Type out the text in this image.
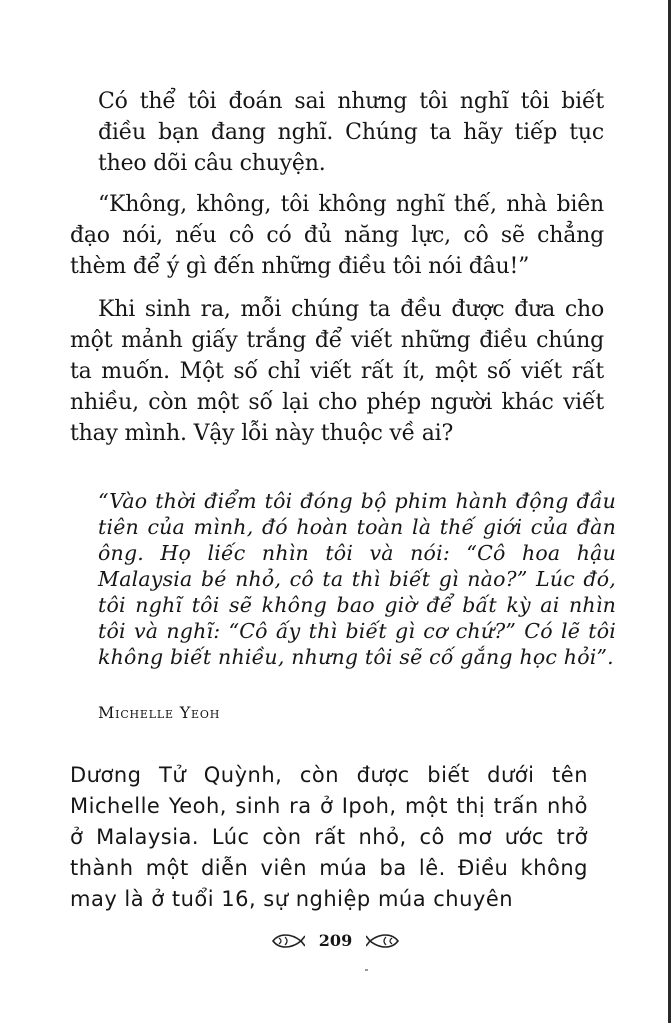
Có thể tôi đoán sai nhưng tôi nghĩ tôi biết điều bạn đang nghĩ. Chúng ta hãy tiếp tục theo dõi câu chuyện.

“Không, không, tôi không nghĩ thế, nhà biên đạo nói, nếu cô có đủ năng lực, cô sẽ chẳng thèm để ý gì đến những điều tôi nói đâu!”

Khi sinh ra, mỗi chúng ta đều được đưa cho một mảnh giấy trắng để viết những điều chúng ta muốn. Một số chỉ viết rất ít, một số viết rất nhiều, còn một số lại cho phép người khác viết thay mình. Vậy lỗi này thuộc về ai?

“Vào thời điểm tôi đóng bộ phim hành động đầu tiên của mình, đó hoàn toàn là thế giới của đàn ông. Họ liếc nhìn tôi và nói: “Cô hoa hậu Malaysia bé nhỏ, cô ta thì biết gì nào?” Lúc đó, tôi nghĩ tôi sẽ không bao giờ để bất kỳ ai nhìn tôi và nghĩ: “Cô ấy thì biết gì cơ chứ?” Có lẽ tôi không biết nhiều, nhưng tôi sẽ cố gắng học hỏi”.

Michelle Yeoh

Dương Tử Quỳnh, còn được biết dưới tên Michelle Yeoh, sinh ra ở Ipoh, một thị trấn nhỏ ở Malaysia. Lúc còn rất nhỏ, cô mơ ước trở thành một diễn viên múa ba lê. Điều không may là ở tuổi 16, sự nghiệp múa chuyên

209
